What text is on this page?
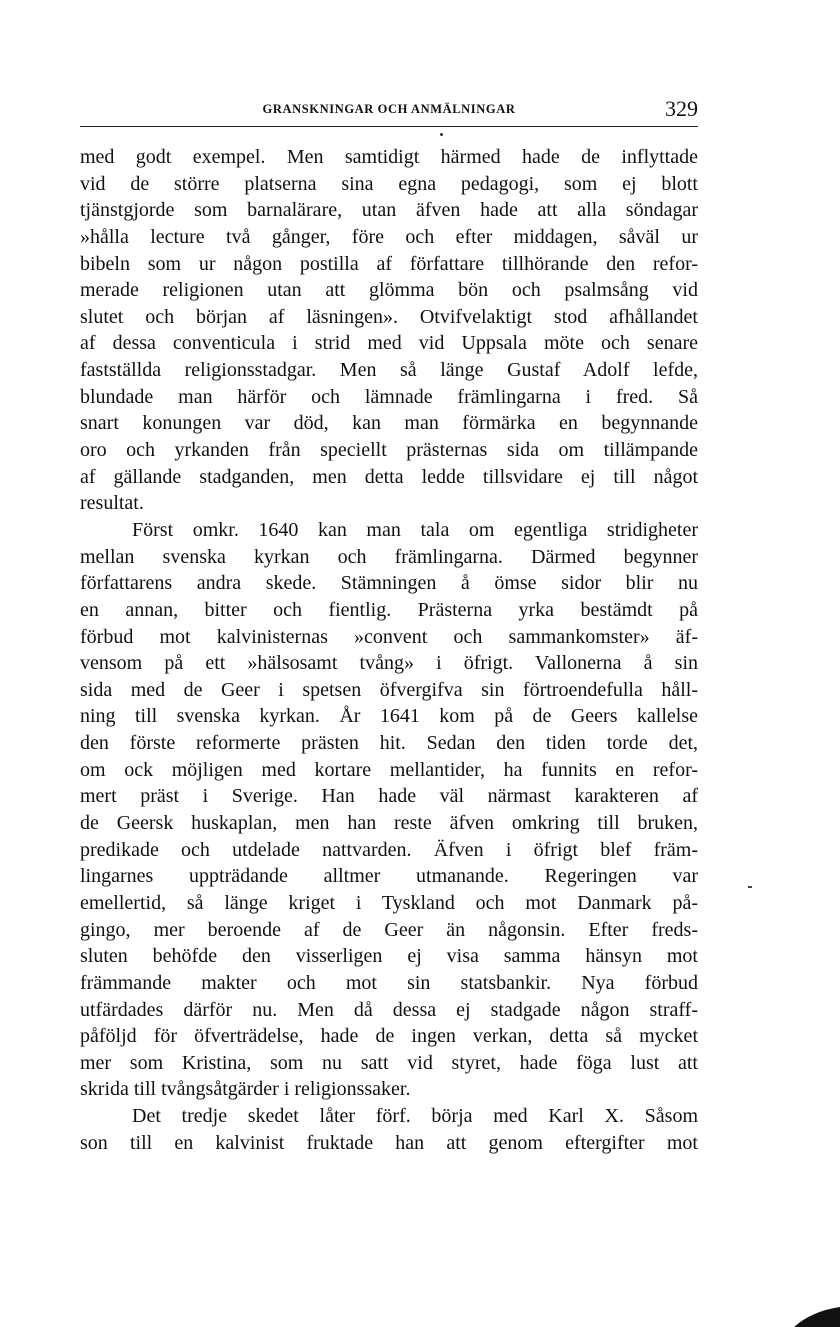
GRANSKNINGAR OCH ANMÄLNINGAR	329
med godt exempel. Men samtidigt härmed hade de inflyttade
vid de större platserna sina egna pedagogi, som ej blott
tjänstgjorde som barnalärare, utan äfven hade att alla söndagar
»hålla lecture två gånger, före och efter middagen, såväl ur
bibeln som ur någon postilla af författare tillhörande den refor-
merade religionen utan att glömma bön och psalmsång vid
slutet och början af läsningen». Otvifvelaktigt stod afhållandet
af dessa conventicula i strid med vid Uppsala möte och senare
fastställda religionsstadgar. Men så länge Gustaf Adolf lefde,
blundade man härför och lämnade främlingarna i fred. Så
snart konungen var död, kan man förmärka en begynnande
oro och yrkanden från speciellt prästernas sida om tillämpande
af gällande stadganden, men detta ledde tillsvidare ej till något
resultat.
Först omkr. 1640 kan man tala om egentliga stridigheter
mellan svenska kyrkan och främlingarna. Därmed begynner
författarens andra skede. Stämningen å ömse sidor blir nu
en annan, bitter och fientlig. Prästerna yrka bestämdt på
förbud mot kalvinisternas »convent och sammankomster» äf-
vensom på ett »hälsosamt tvång» i öfrigt. Vallonerna å sin
sida med de Geer i spetsen öfvergifva sin förtroendefulla håll-
ning till svenska kyrkan. År 1641 kom på de Geers kallelse
den förste reformerte prästen hit. Sedan den tiden torde det,
om ock möjligen med kortare mellantider, ha funnits en refor-
mert präst i Sverige. Han hade väl närmast karakteren af
de Geersk huskaplan, men han reste äfven omkring till bruken,
predikade och utdelade nattvarden. Äfven i öfrigt blef främ-
lingarnes uppträdande alltmer utmanande. Regeringen var
emellertid, så länge kriget i Tyskland och mot Danmark på-
gingo, mer beroende af de Geer än någonsin. Efter freds-
sluten behöfde den visserligen ej visa samma hänsyn mot
främmande makter och mot sin statsbankir. Nya förbud
utfärdades därför nu. Men då dessa ej stadgade någon straff-
påföljd för öfverträdelse, hade de ingen verkan, detta så mycket
mer som Kristina, som nu satt vid styret, hade föga lust att
skrida till tvångsåtgärder i religionssaker.
Det tredje skedet låter förf. börja med Karl X. Såsom
son till en kalvinist fruktade han att genom eftergifter mot
